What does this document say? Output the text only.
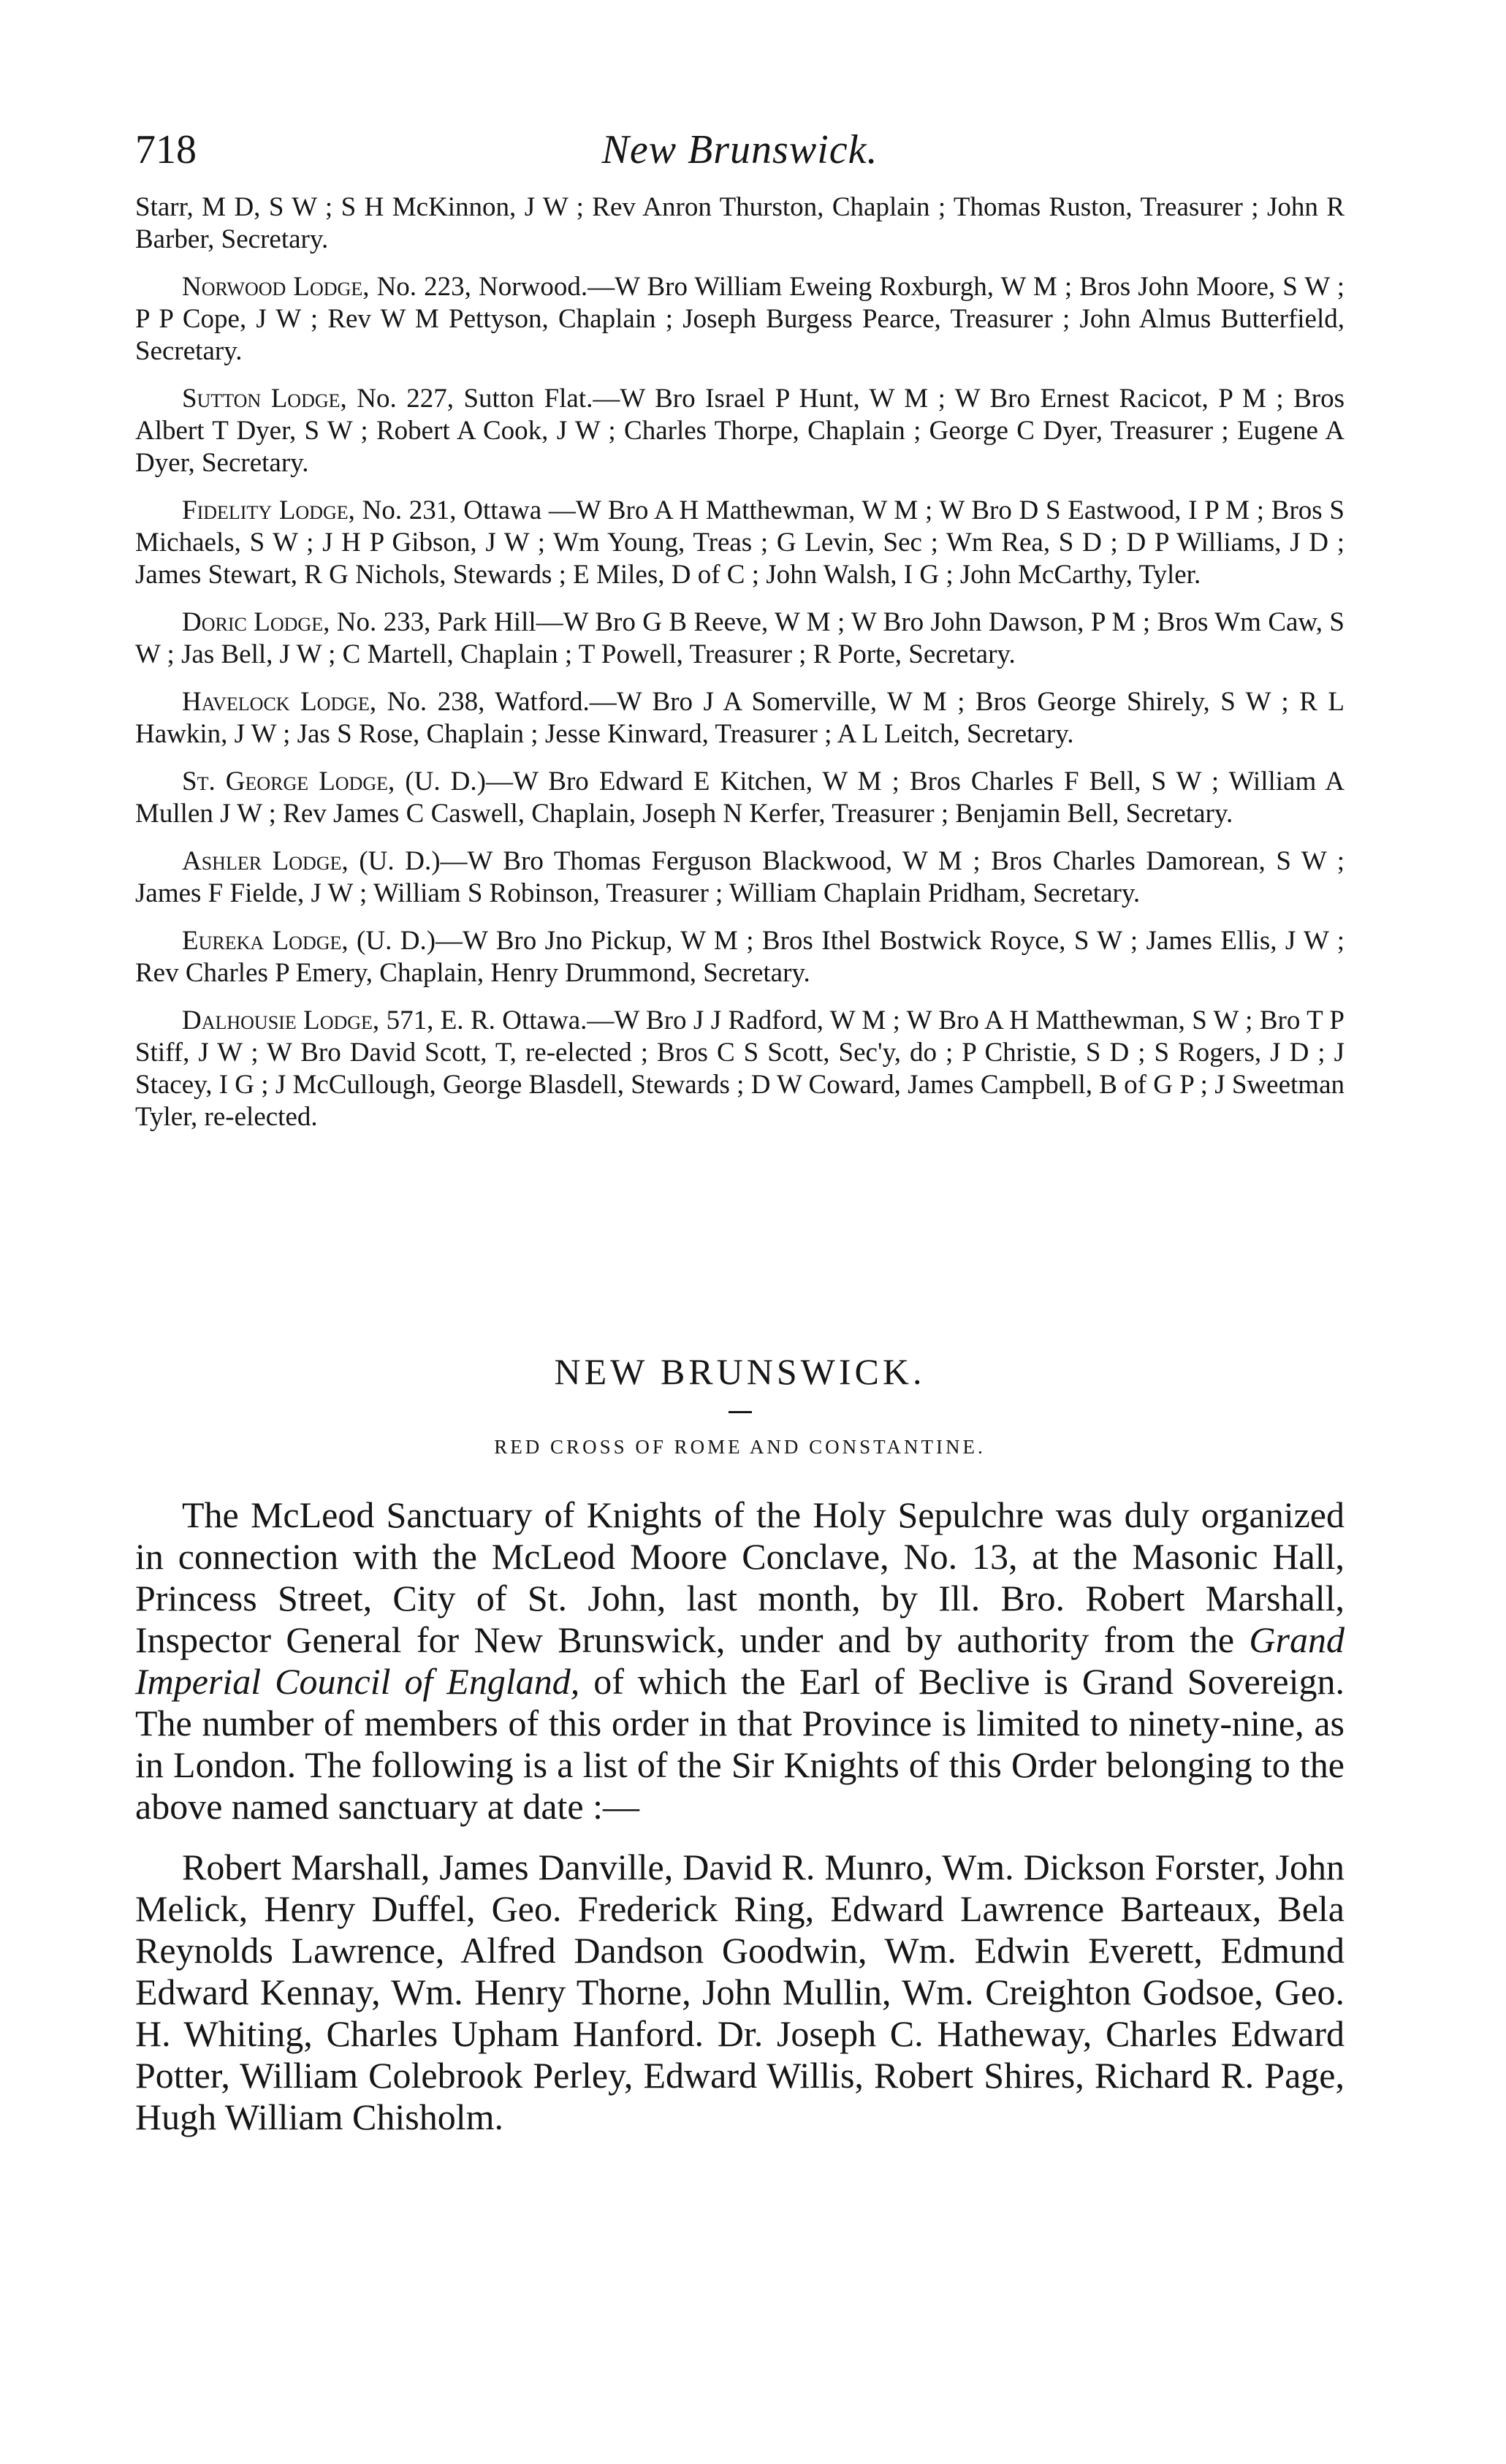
718	New Brunswick.

Starr, M D, S W ; S H McKinnon, J W ; Rev Anron Thurston, Chaplain ; Thomas Ruston, Treasurer ; John R Barber, Secretary.

Norwood Lodge, No. 223, Norwood.—W Bro William Eweing Roxburgh, W M ; Bros John Moore, S W ; P P Cope, J W ; Rev W M Pettyson, Chaplain ; Joseph Burgess Pearce, Treasurer ; John Almus Butterfield, Secretary.

Sutton Lodge, No. 227, Sutton Flat.—W Bro Israel P Hunt, W M ; W Bro Ernest Racicot, P M ; Bros Albert T Dyer, S W ; Robert A Cook, J W ; Charles Thorpe, Chaplain ; George C Dyer, Treasurer ; Eugene A Dyer, Secretary.

Fidelity Lodge, No. 231, Ottawa —W Bro A H Matthewman, W M ; W Bro D S Eastwood, I P M ; Bros S Michaels, S W ; J H P Gibson, J W ; Wm Young, Treas ; G Levin, Sec ; Wm Rea, S D ; D P Williams, J D ; James Stewart, R G Nichols, Stewards ; E Miles, D of C ; John Walsh, I G ; John McCarthy, Tyler.

Doric Lodge, No. 233, Park Hill—W Bro G B Reeve, W M ; W Bro John Dawson, P M ; Bros Wm Caw, S W ; Jas Bell, J W ; C Martell, Chaplain ; T Powell, Treasurer ; R Porte, Secretary.

Havelock Lodge, No. 238, Watford.—W Bro J A Somerville, W M ; Bros George Shirely, S W ; R L Hawkin, J W ; Jas S Rose, Chaplain ; Jesse Kinward, Treasurer ; A L Leitch, Secretary.

St. George Lodge, (U. D.)—W Bro Edward E Kitchen, W M ; Bros Charles F Bell, S W ; William A Mullen J W ; Rev James C Caswell, Chaplain, Joseph N Kerfer, Treasurer ; Benjamin Bell, Secretary.

Ashler Lodge, (U. D.)—W Bro Thomas Ferguson Blackwood, W M ; Bros Charles Damorean, S W ; James F Fielde, J W ; William S Robinson, Treasurer ; William Chaplain Pridham, Secretary.

Eureka Lodge, (U. D.)—W Bro Jno Pickup, W M ; Bros Ithel Bostwick Royce, S W ; James Ellis, J W ; Rev Charles P Emery, Chaplain, Henry Drummond, Secretary.

Dalhousie Lodge, 571, E. R. Ottawa.—W Bro J J Radford, W M ; W Bro A H Matthewman, S W ; Bro T P Stiff, J W ; W Bro David Scott, T, re-elected ; Bros C S Scott, Sec'y, do ; P Christie, S D ; S Rogers, J D ; J Stacey, I G ; J McCullough, George Blasdell, Stewards ; D W Coward, James Campbell, B of G P ; J Sweetman Tyler, re-elected.

NEW BRUNSWICK.
RED CROSS OF ROME AND CONSTANTINE.

The McLeod Sanctuary of Knights of the Holy Sepulchre was duly organized in connection with the McLeod Moore Conclave, No. 13, at the Masonic Hall, Princess Street, City of St. John, last month, by Ill. Bro. Robert Marshall, Inspector General for New Brunswick, under and by authority from the Grand Imperial Council of England, of which the Earl of Beclive is Grand Sovereign. The number of members of this order in that Province is limited to ninety-nine, as in London. The following is a list of the Sir Knights of this Order belonging to the above named sanctuary at date :—

Robert Marshall, James Danville, David R. Munro, Wm. Dickson Forster, John Melick, Henry Duffel, Geo. Frederick Ring, Edward Lawrence Barteaux, Bela Reynolds Lawrence, Alfred Dandson Goodwin, Wm. Edwin Everett, Edmund Edward Kennay, Wm. Henry Thorne, John Mullin, Wm. Creighton Godsoe, Geo. H. Whiting, Charles Upham Hanford. Dr. Joseph C. Hatheway, Charles Edward Potter, William Colebrook Perley, Edward Willis, Robert Shires, Richard R. Page, Hugh William Chisholm.
